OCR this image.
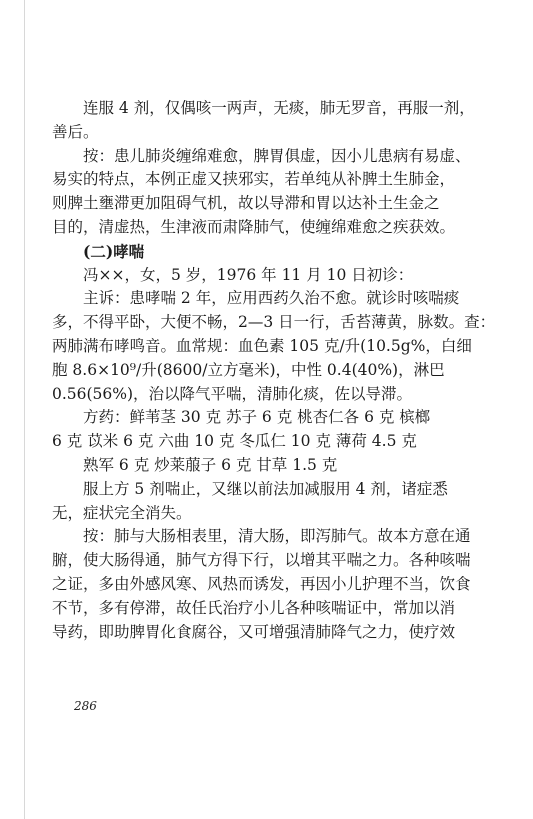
连服 4 剂，仅偶咳一两声，无痰，肺无罗音，再服一剂，
善后。
按：患儿肺炎缠绵难愈，脾胃俱虚，因小儿患病有易虚、
易实的特点，本例正虚又挟邪实，若单纯从补脾土生肺金，
则脾土壅滞更加阻碍气机，故以导滞和胃以达补土生金之
目的，清虚热，生津液而肃降肺气，使缠绵难愈之疾获效。
(二)哮喘
冯××，女，5 岁，1976 年 11 月 10 日初诊：
主诉：患哮喘 2 年，应用西药久治不愈。就诊时咳喘痰
多，不得平卧，大便不畅，2—3 日一行，舌苔薄黄，脉数。查：
两肺满布哮鸣音。血常规：血色素 105 克/升(10.5g%，白细
胞 8.6×10⁹/升(8600/立方毫米)，中性 0.4(40%)，淋巴
0.56(56%)，治以降气平喘，清肺化痰，佐以导滞。
方药：鲜苇茎 30 克 苏子 6 克 桃杏仁各 6 克 槟榔
6 克 苡米 6 克 六曲 10 克 冬瓜仁 10 克 薄荷 4.5 克
熟军 6 克 炒莱菔子 6 克 甘草 1.5 克
服上方 5 剂喘止，又继以前法加减服用 4 剂，诸症悉
无，症状完全消失。
按：肺与大肠相表里，清大肠，即泻肺气。故本方意在通
腑，使大肠得通，肺气方得下行，以增其平喘之力。各种咳喘
之证，多由外感风寒、风热而诱发，再因小儿护理不当，饮食
不节，多有停滞，故任氏治疗小儿各种咳喘证中，常加以消
导药，即助脾胃化食腐谷，又可增强清肺降气之力，使疗效
286
